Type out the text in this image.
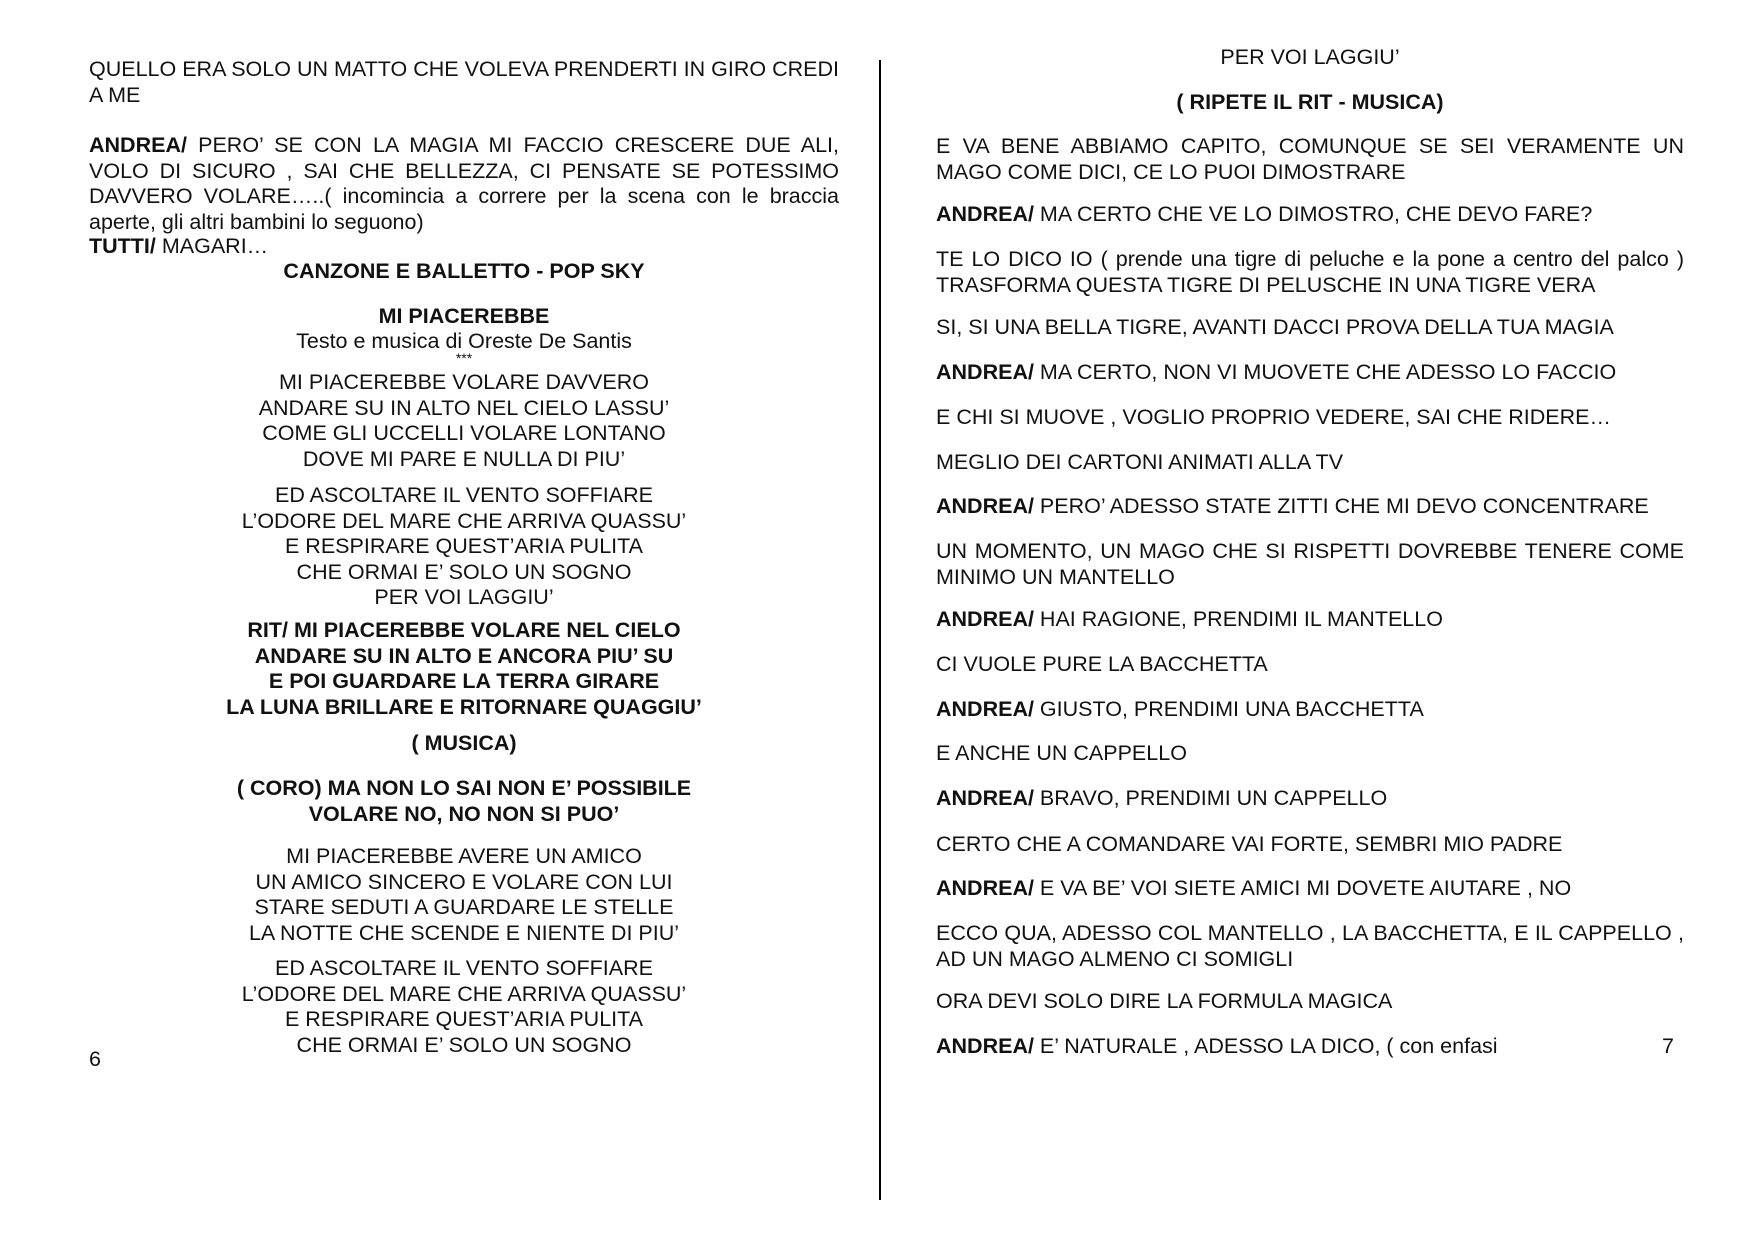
QUELLO ERA SOLO UN MATTO CHE VOLEVA PRENDERTI IN GIRO CREDI A ME
ANDREA/ PERO’ SE CON LA MAGIA MI FACCIO CRESCERE DUE ALI, VOLO DI SICURO , SAI CHE BELLEZZA, CI PENSATE SE POTESSIMO DAVVERO VOLARE…..( incomincia a correre per la scena con le braccia aperte, gli altri bambini lo seguono)
TUTTI/ MAGARI…
CANZONE E BALLETTO - POP SKY
MI PIACEREBBE
Testo e musica di Oreste De Santis
***
MI PIACEREBBE VOLARE DAVVERO
ANDARE SU IN ALTO NEL CIELO LASSU’
COME GLI UCCELLI VOLARE LONTANO
DOVE MI PARE E NULLA DI PIU’
ED ASCOLTARE IL VENTO SOFFIARE
L’ODORE DEL MARE CHE ARRIVA QUASSU’
E RESPIRARE QUEST’ARIA PULITA
CHE ORMAI E’ SOLO UN SOGNO
PER VOI LAGGIU’
RIT/ MI PIACEREBBE VOLARE NEL CIELO
ANDARE SU IN ALTO E ANCORA PIU’ SU
E POI GUARDARE LA TERRA GIRARE
LA LUNA BRILLARE E RITORNARE QUAGGIU’
( MUSICA)
( CORO) MA NON LO SAI NON E’ POSSIBILE
VOLARE NO, NO NON SI PUO’
MI PIACEREBBE AVERE UN AMICO
UN AMICO SINCERO E VOLARE CON LUI
STARE SEDUTI A GUARDARE LE STELLE
LA NOTTE CHE SCENDE E NIENTE DI PIU’
ED ASCOLTARE IL VENTO SOFFIARE
L’ODORE DEL MARE CHE ARRIVA QUASSU’
E RESPIRARE QUEST’ARIA PULITA
CHE ORMAI E’ SOLO UN SOGNO
6
PER VOI LAGGIU’
( RIPETE IL RIT - MUSICA)
E VA BENE ABBIAMO CAPITO, COMUNQUE SE SEI VERAMENTE UN MAGO COME DICI, CE LO PUOI DIMOSTRARE
ANDREA/ MA CERTO CHE VE LO DIMOSTRO, CHE DEVO FARE?
TE LO DICO IO ( prende una tigre di peluche e la pone a centro del palco ) TRASFORMA QUESTA TIGRE DI PELUSCHE IN UNA TIGRE VERA
SI, SI UNA BELLA TIGRE, AVANTI DACCI PROVA DELLA TUA MAGIA
ANDREA/ MA CERTO, NON VI MUOVETE CHE ADESSO LO FACCIO
E CHI SI MUOVE , VOGLIO PROPRIO VEDERE, SAI CHE RIDERE…
MEGLIO DEI CARTONI ANIMATI ALLA TV
ANDREA/ PERO’ ADESSO STATE ZITTI CHE MI DEVO CONCENTRARE
UN MOMENTO, UN MAGO CHE SI RISPETTI DOVREBBE TENERE COME MINIMO UN MANTELLO
ANDREA/ HAI RAGIONE, PRENDIMI IL MANTELLO
CI VUOLE PURE LA BACCHETTA
ANDREA/ GIUSTO, PRENDIMI UNA BACCHETTA
E ANCHE UN CAPPELLO
ANDREA/ BRAVO, PRENDIMI UN CAPPELLO
CERTO CHE A COMANDARE VAI FORTE, SEMBRI MIO PADRE
ANDREA/ E VA BE’ VOI SIETE AMICI MI DOVETE AIUTARE , NO
ECCO QUA, ADESSO COL MANTELLO , LA BACCHETTA, E IL CAPPELLO , AD UN MAGO ALMENO CI SOMIGLI
ORA DEVI SOLO DIRE LA FORMULA MAGICA
ANDREA/ E’ NATURALE , ADESSO LA DICO, ( con enfasi	7
